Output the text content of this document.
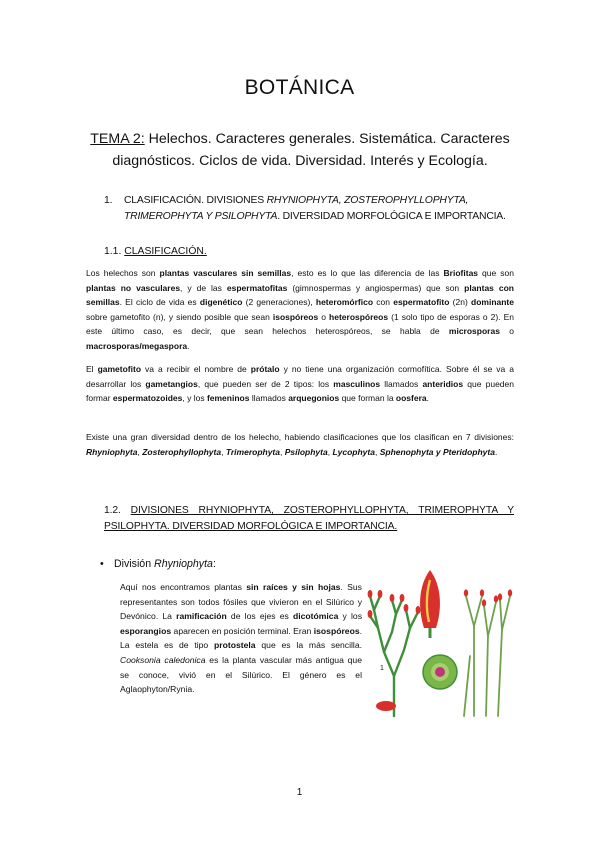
BOTÁNICA
TEMA 2: Helechos. Caracteres generales. Sistemática. Caracteres diagnósticos. Ciclos de vida. Diversidad. Interés y Ecología.
1. CLASIFICACIÓN. DIVISIONES RHYNIOPHYTA, ZOSTEROPHYLLOPHYTA, TRIMEROPHYTA Y PSILOPHYTA. DIVERSIDAD MORFOLÓGICA E IMPORTANCIA.
1.1. CLASIFICACIÓN.

Los helechos son plantas vasculares sin semillas, esto es lo que las diferencia de las Briofitas que son plantas no vasculares, y de las espermatofitas (gimnospermas y angiospermas) que son plantas con semillas. El ciclo de vida es digenético (2 generaciones), heteromórfico con espermatofito (2n) dominante sobre gametofito (n), y siendo posible que sean isospóreos o heterospóreos (1 solo tipo de esporas o 2). En este último caso, es decir, que sean helechos heterospóreos, se habla de microsporas o macrosporas/megaspora.

El gametofito va a recibir el nombre de prótalo y no tiene una organización cormofítica. Sobre él se va a desarrollar los gametangios, que pueden ser de 2 tipos: los masculinos llamados anteridios que pueden formar espermatozoides, y los femeninos llamados arquegonios que forman la oosfera.

Existe una gran diversidad dentro de los helecho, habiendo clasificaciones que los clasifican en 7 divisiones: Rhyniophyta, Zosterophyllophyta, Trimerophyta, Psilophyta, Lycophyta, Sphenophyta y Pteridophyta.

1.2. DIVISIONES RHYNIOPHYTA, ZOSTEROPHYLLOPHYTA, TRIMEROPHYTA Y PSILOPHYTA. DIVERSIDAD MORFOLÓGICA E IMPORTANCIA.
• División Rhyniophyta:

Aquí nos encontramos plantas sin raíces y sin hojas. Sus representantes son todos fósiles que vivieron en el Silúrico y Devónico. La ramificación de los ejes es dicotómica y los esporangios aparecen en posición terminal. Eran isospóreos. La estela es de tipo protostela que es la más sencilla. Cooksonia caledonica es la planta vascular más antigua que se conoce, vivió en el Silúrico. El género es el Aglaophyton/Rynia.

1
1
